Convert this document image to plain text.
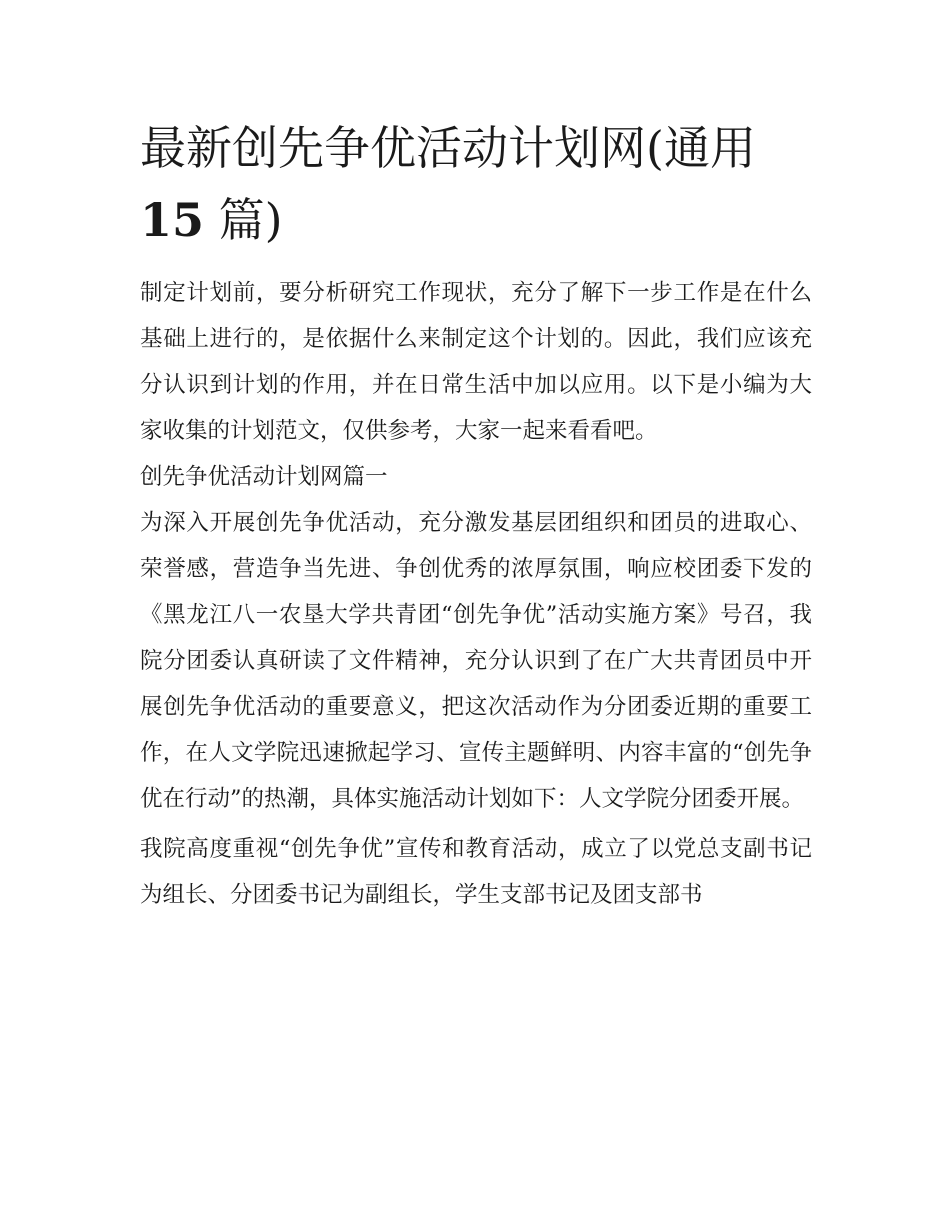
最新创先争优活动计划网(通用
15 篇)

制定计划前，要分析研究工作现状，充分了解下一步工作是在什么基础上进行的，是依据什么来制定这个计划的。因此，我们应该充分认识到计划的作用，并在日常生活中加以应用。以下是小编为大家收集的计划范文，仅供参考，大家一起来看看吧。

创先争优活动计划网篇一

为深入开展创先争优活动，充分激发基层团组织和团员的进取心、荣誉感，营造争当先进、争创优秀的浓厚氛围，响应校团委下发的《黑龙江八一农垦大学共青团“创先争优”活动实施方案》号召，我院分团委认真研读了文件精神，充分认识到了在广大共青团员中开展创先争优活动的重要意义，把这次活动作为分团委近期的重要工作，在人文学院迅速掀起学习、宣传主题鲜明、内容丰富的“创先争优在行动”的热潮，具体实施活动计划如下：人文学院分团委开展。

我院高度重视“创先争优”宣传和教育活动，成立了以党总支副书记为组长、分团委书记为副组长，学生支部书记及团支部书
